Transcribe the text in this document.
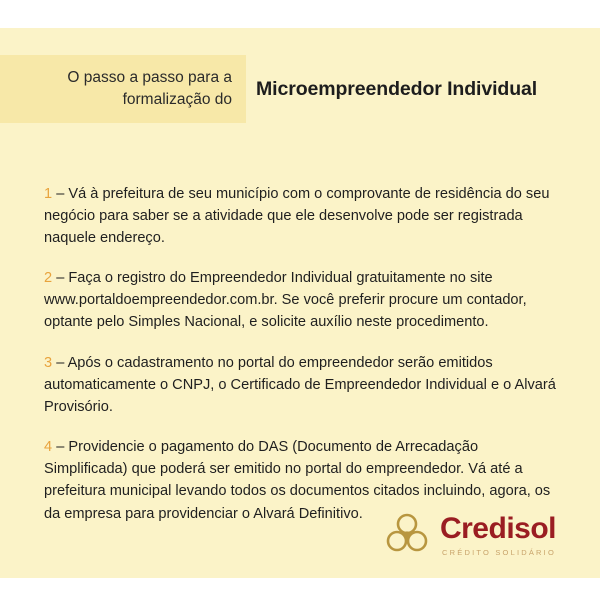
O passo a passo para a
formalização do Microempreendedor Individual

1 – Vá à prefeitura de seu município com o comprovante de residência do seu negócio para saber se a atividade que ele desenvolve pode ser registrada naquele endereço.

2 – Faça o registro do Empreendedor Individual gratuitamente no site www.portaldoempreendedor.com.br. Se você preferir procure um contador, optante pelo Simples Nacional, e solicite auxílio neste procedimento.

3 – Após o cadastramento no portal do empreendedor serão emitidos automaticamente o CNPJ, o Certificado de Empreendedor Individual e o Alvará Provisório.

4 – Providencie o pagamento do DAS (Documento de Arrecadação Simplificada) que poderá ser emitido no portal do empreendedor. Vá até a prefeitura municipal levando todos os documentos citados incluindo, agora, os da empresa para providenciar o Alvará Definitivo.	Credisol
CRÉDITO SOLIDÁRIO
